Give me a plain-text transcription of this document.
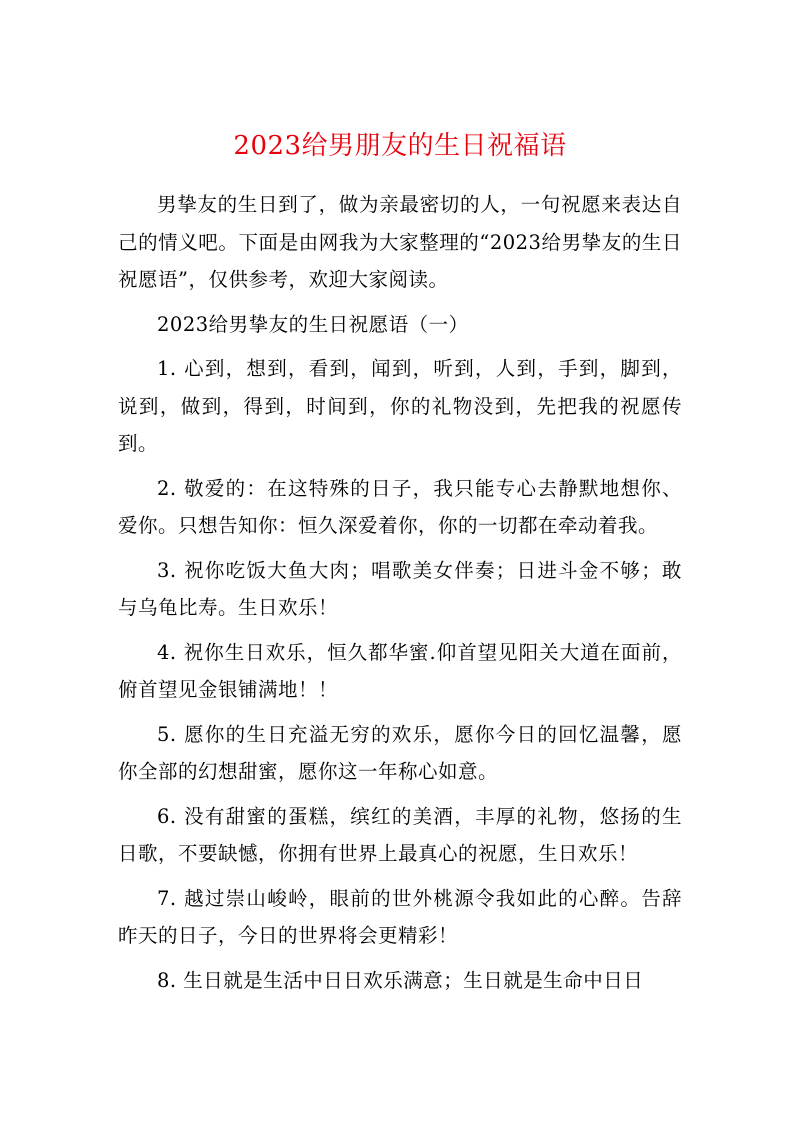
2023给男朋友的生日祝福语

男挚友的生日到了，做为亲最密切的人，一句祝愿来表达自己的情义吧。下面是由网我为大家整理的“2023给男挚友的生日祝愿语”，仅供参考，欢迎大家阅读。

2023给男挚友的生日祝愿语（一）

1. 心到，想到，看到，闻到，听到，人到，手到，脚到，说到，做到，得到，时间到，你的礼物没到，先把我的祝愿传到。

2. 敬爱的：在这特殊的日子，我只能专心去静默地想你、爱你。只想告知你：恒久深爱着你，你的一切都在牵动着我。

3. 祝你吃饭大鱼大肉；唱歌美女伴奏；日进斗金不够；敢与乌龟比寿。生日欢乐！

4. 祝你生日欢乐，恒久都华蜜.仰首望见阳关大道在面前，俯首望见金银铺满地！！

5. 愿你的生日充溢无穷的欢乐，愿你今日的回忆温馨，愿你全部的幻想甜蜜，愿你这一年称心如意。

6. 没有甜蜜的蛋糕，缤红的美酒，丰厚的礼物，悠扬的生日歌，不要缺憾，你拥有世界上最真心的祝愿，生日欢乐！

7. 越过崇山峻岭，眼前的世外桃源令我如此的心醉。告辞昨天的日子，今日的世界将会更精彩！

8. 生日就是生活中日日欢乐满意；生日就是生命中日日
